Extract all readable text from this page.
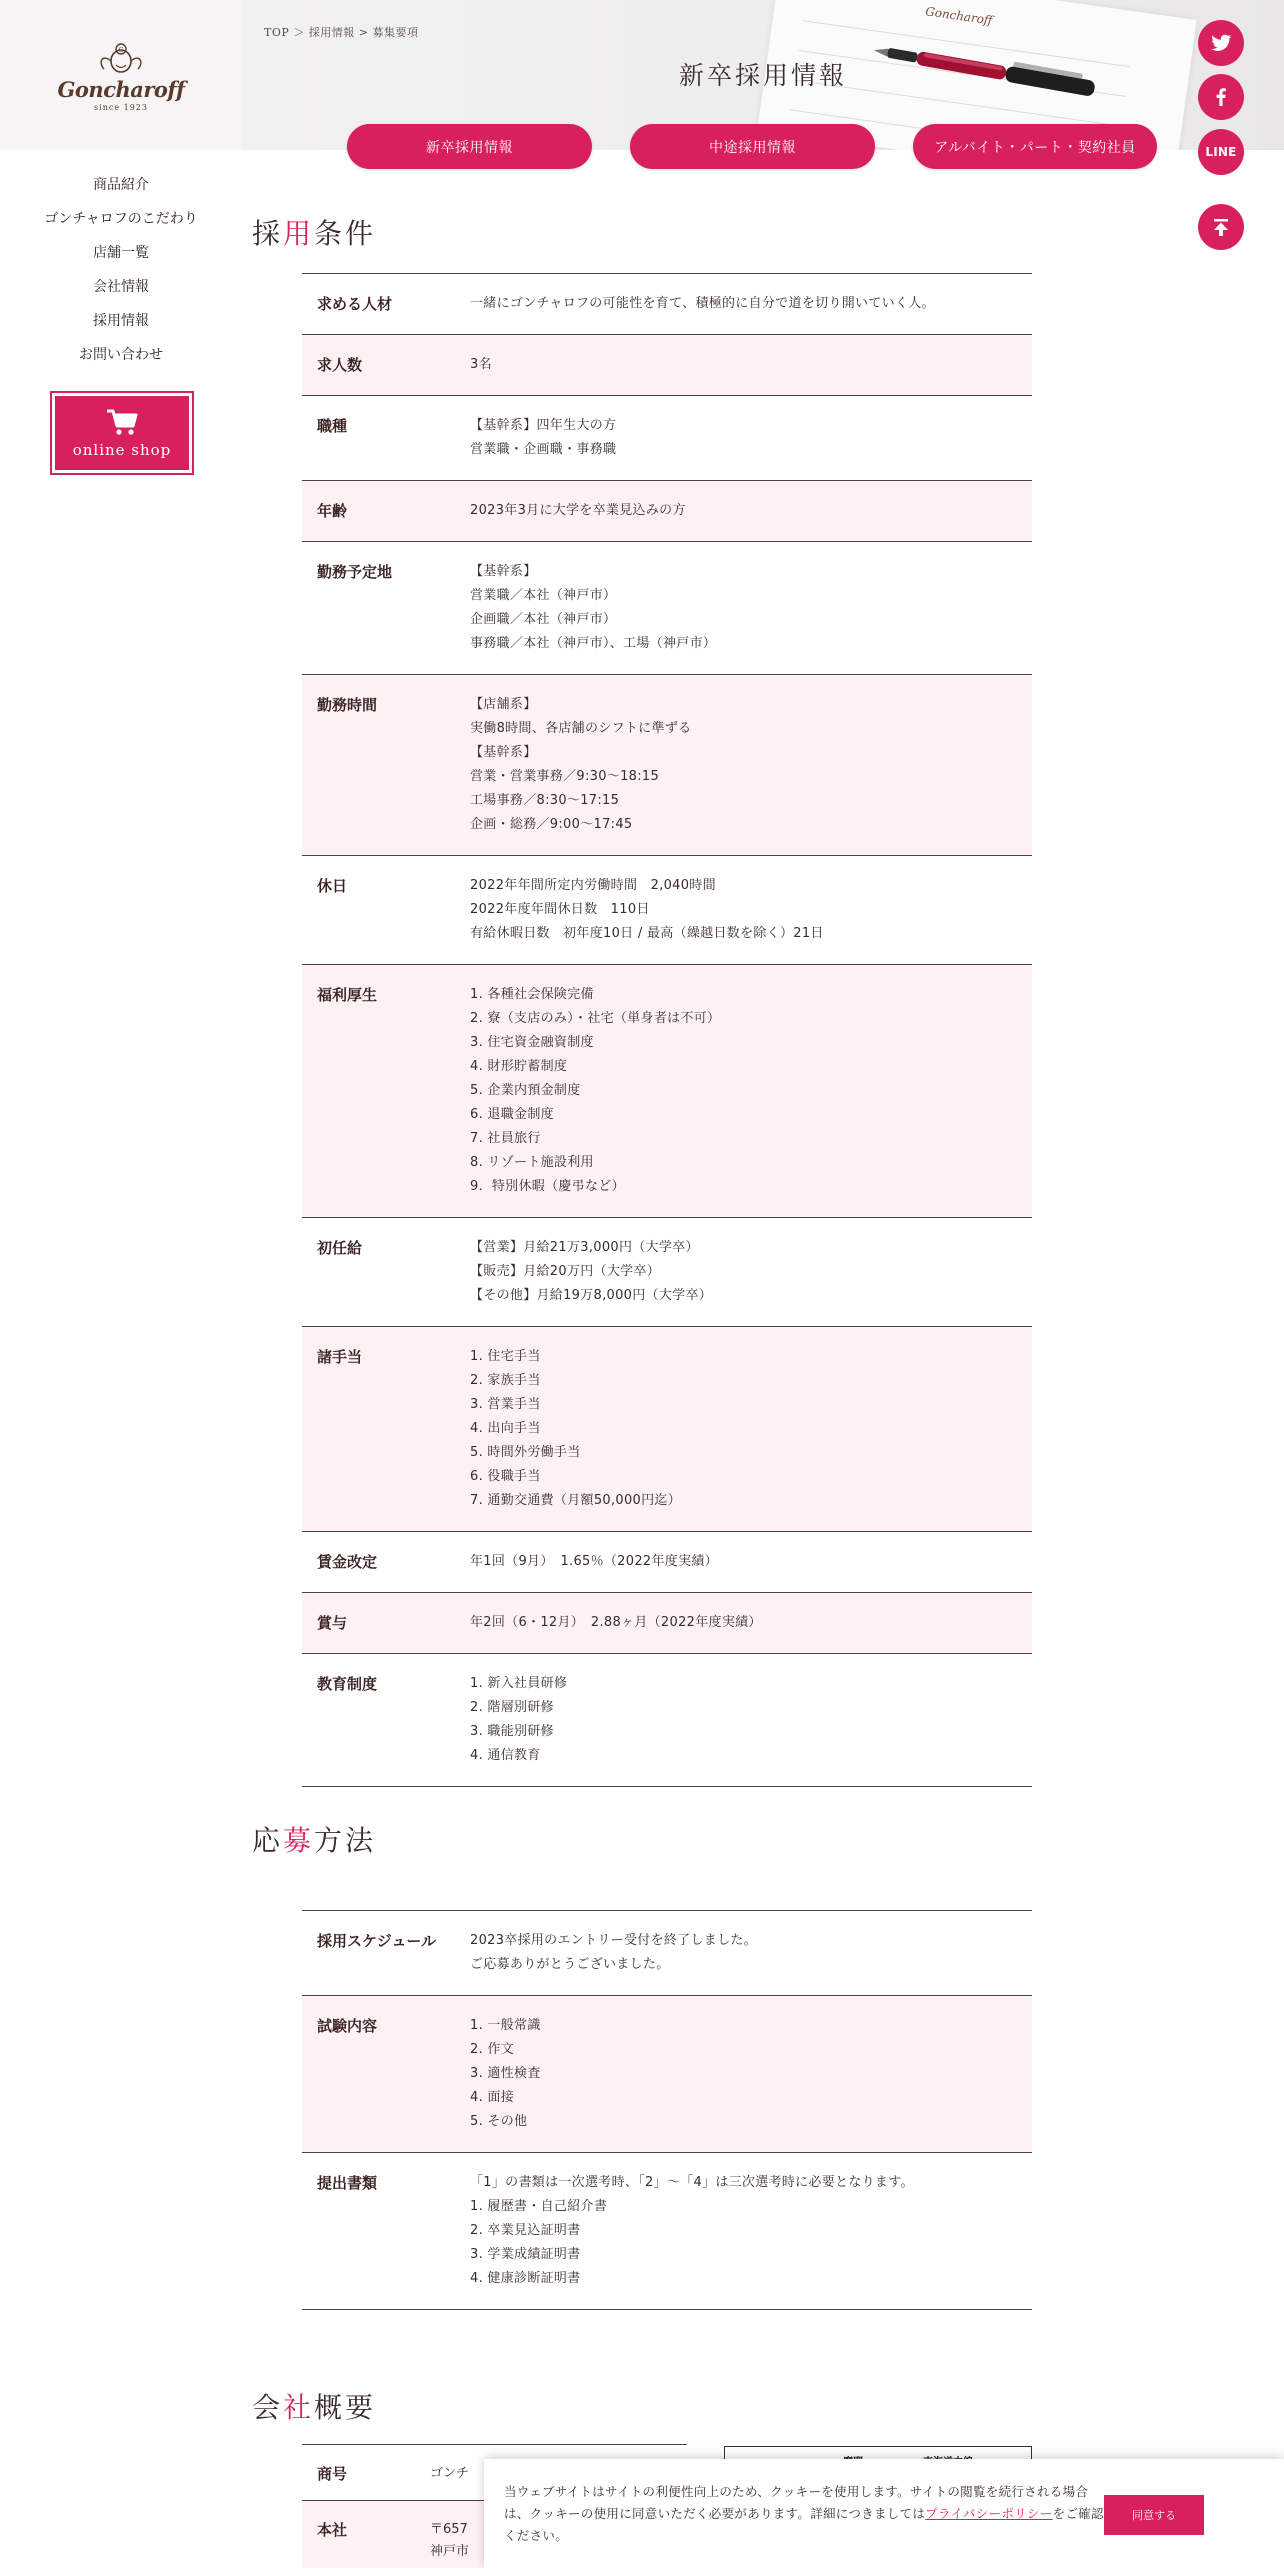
G
Goncharoff
since 1923
商品紹介
ゴンチャロフのこだわり
店舗一覧
会社情報
採用情報
お問い合わせ
online shop
Goncharoff
TOP ＞ 採用情報 > 募集要項
新卒採用情報
新卒採用情報	中途採用情報	アルバイト・パート・契約社員	LINE
採用条件
求める人材	一緒にゴンチャロフの可能性を育て、積極的に自分で道を切り開いていく人。
求人数	3名
職種	【基幹系】四年生大の方
営業職・企画職・事務職
年齢	2023年3月に大学を卒業見込みの方
勤務予定地	【基幹系】
営業職／本社（神戸市）
企画職／本社（神戸市）
事務職／本社（神戸市）、工場（神戸市）
勤務時間	【店舗系】
実働8時間、各店舗のシフトに準ずる
【基幹系】
営業・営業事務／9:30～18:15
工場事務／8:30～17:15
企画・総務／9:00～17:45
休日	2022年年間所定内労働時間　2,040時間
2022年度年間休日数　110日
有給休暇日数　初年度10日 / 最高（繰越日数を除く）21日
福利厚生	1. 各種社会保険完備
2. 寮（支店のみ）・社宅（単身者は不可）
3. 住宅資金融資制度
4. 財形貯蓄制度
5. 企業内預金制度
6. 退職金制度
7. 社員旅行
8. リゾート施設利用
9．特別休暇（慶弔など）
初任給	【営業】月給21万3,000円（大学卒）
【販売】月給20万円（大学卒）
【その他】月給19万8,000円（大学卒）
諸手当	1. 住宅手当
2. 家族手当
3. 営業手当
4. 出向手当
5. 時間外労働手当
6. 役職手当
7. 通勤交通費（月額50,000円迄）
賃金改定	年1回（9月）　1.65％（2022年度実績）
賞与	年2回（6・12月）　2.88ヶ月（2022年度実績）
教育制度	1. 新入社員研修
2. 階層別研修
3. 職能別研修
4. 通信教育
応募方法
採用スケジュール	2023卒採用のエントリー受付を終了しました。
ご応募ありがとうございました。
試験内容	1. 一般常識
2. 作文
3. 適性検査
4. 面接
5. その他
提出書類	「1」の書類は一次選考時、「2」～「4」は三次選考時に必要となります。
1. 履歴書・自己紹介書
2. 卒業見込証明書
3. 学業成績証明書
4. 健康診断証明書
会社概要
商号	ゴンチ
本社	〒657
神戸市
当ウェブサイトはサイトの利便性向上のため、クッキーを使用します。サイトの閲覧を続行される場合は、クッキーの使用に同意いただく必要があります。詳細につきましてはプライバシーポリシーをご確認ください。
同意する
